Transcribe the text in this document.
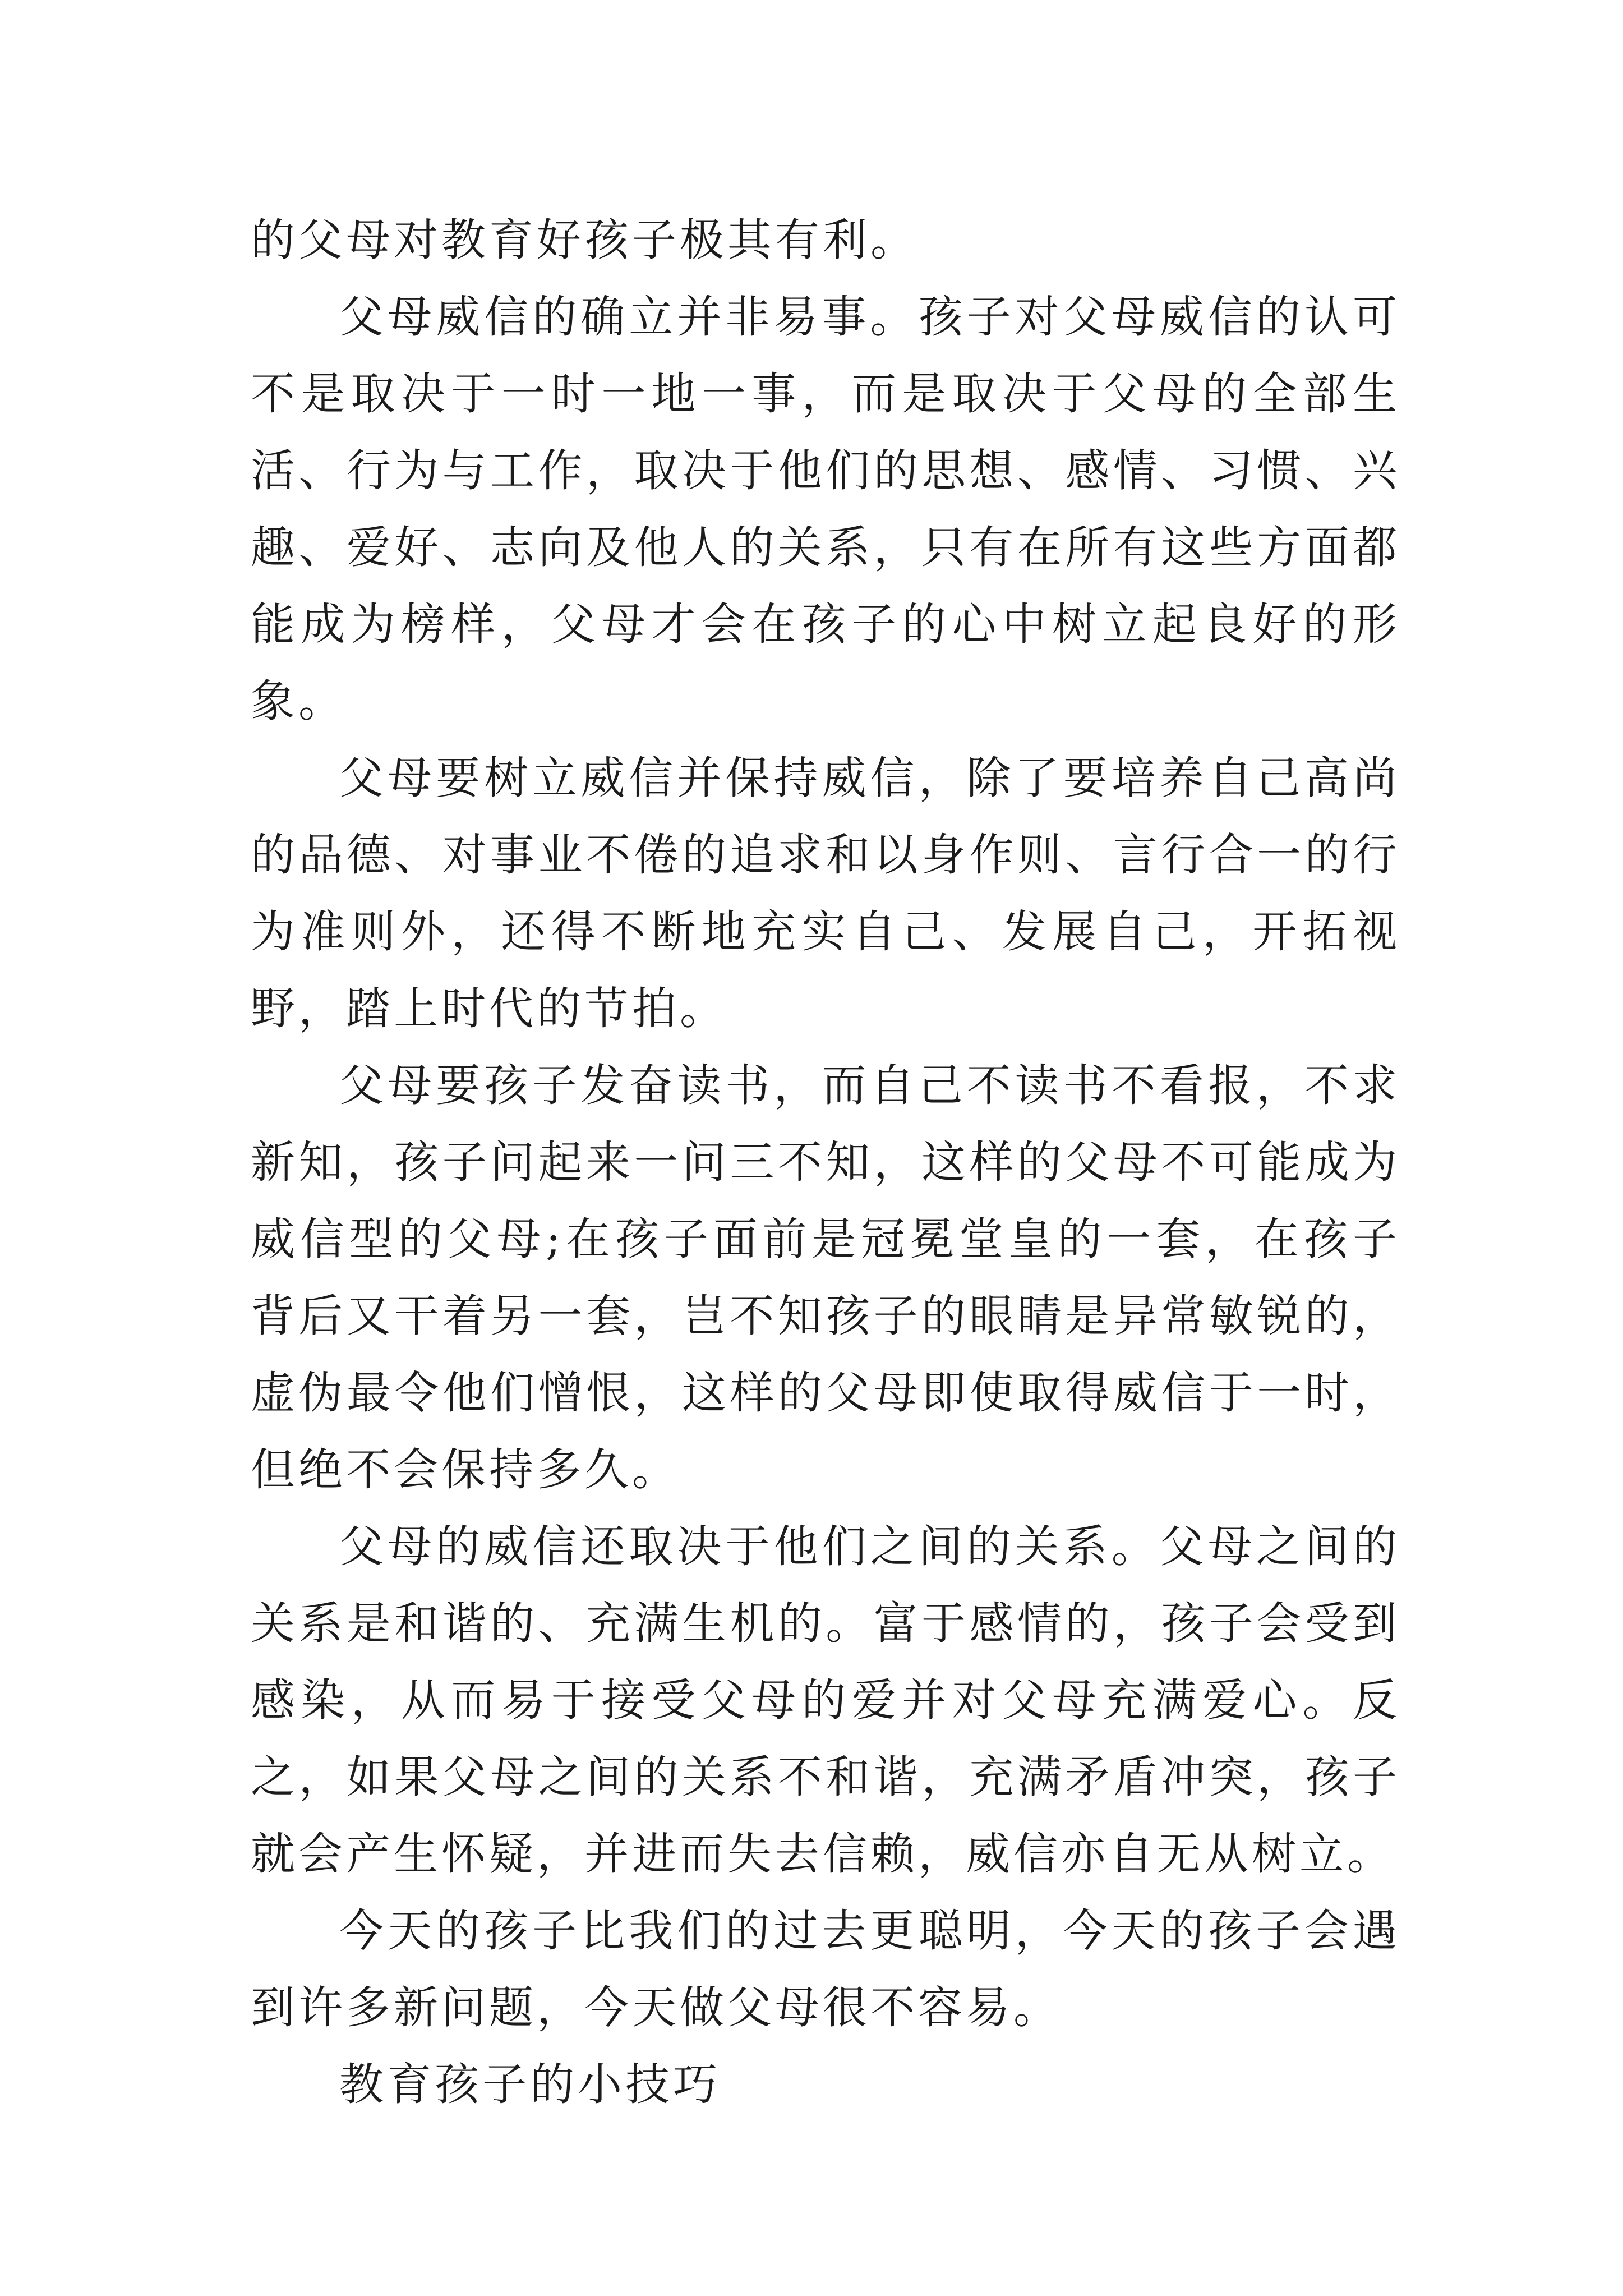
的父母对教育好孩子极其有利。

父母威信的确立并非易事。孩子对父母威信的认可不是取决于一时一地一事，而是取决于父母的全部生活、行为与工作，取决于他们的思想、感情、习惯、兴趣、爱好、志向及他人的关系，只有在所有这些方面都能成为榜样，父母才会在孩子的心中树立起良好的形象。

父母要树立威信并保持威信，除了要培养自己高尚的品德、对事业不倦的追求和以身作则、言行合一的行为准则外，还得不断地充实自己、发展自己，开拓视野，踏上时代的节拍。

父母要孩子发奋读书，而自己不读书不看报，不求新知，孩子问起来一问三不知，这样的父母不可能成为威信型的父母;在孩子面前是冠冕堂皇的一套，在孩子背后又干着另一套，岂不知孩子的眼睛是异常敏锐的，虚伪最令他们憎恨，这样的父母即使取得威信于一时，但绝不会保持多久。

父母的威信还取决于他们之间的关系。父母之间的关系是和谐的、充满生机的。富于感情的，孩子会受到感染，从而易于接受父母的爱并对父母充满爱心。反之，如果父母之间的关系不和谐，充满矛盾冲突，孩子就会产生怀疑，并进而失去信赖，威信亦自无从树立。

今天的孩子比我们的过去更聪明，今天的孩子会遇到许多新问题，今天做父母很不容易。

教育孩子的小技巧
